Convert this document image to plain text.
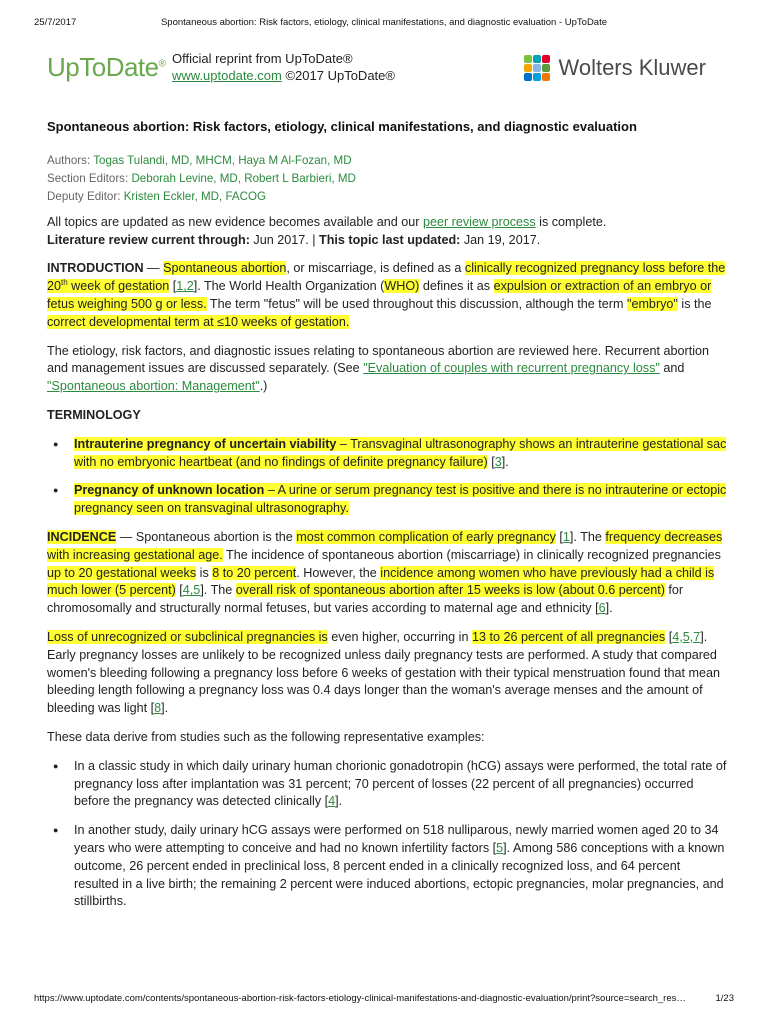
25/7/2017	Spontaneous abortion: Risk factors, etiology, clinical manifestations, and diagnostic evaluation - UpToDate
UpToDate® Official reprint from UpToDate®
www.uptodate.com ©2017 UpToDate®	Wolters Kluwer
Spontaneous abortion: Risk factors, etiology, clinical manifestations, and diagnostic evaluation
Authors: Togas Tulandi, MD, MHCM, Haya M Al-Fozan, MD
Section Editors: Deborah Levine, MD, Robert L Barbieri, MD
Deputy Editor: Kristen Eckler, MD, FACOG
All topics are updated as new evidence becomes available and our peer review process is complete.
Literature review current through: Jun 2017. | This topic last updated: Jan 19, 2017.
INTRODUCTION — Spontaneous abortion, or miscarriage, is defined as a clinically recognized pregnancy loss before the 20th week of gestation [1,2]. The World Health Organization (WHO) defines it as expulsion or extraction of an embryo or fetus weighing 500 g or less. The term "fetus" will be used throughout this discussion, although the term "embryo" is the correct developmental term at ≤10 weeks of gestation.
The etiology, risk factors, and diagnostic issues relating to spontaneous abortion are reviewed here. Recurrent abortion and management issues are discussed separately. (See "Evaluation of couples with recurrent pregnancy loss" and "Spontaneous abortion: Management".)
TERMINOLOGY
● Intrauterine pregnancy of uncertain viability – Transvaginal ultrasonography shows an intrauterine gestational sac with no embryonic heartbeat (and no findings of definite pregnancy failure) [3].
● Pregnancy of unknown location – A urine or serum pregnancy test is positive and there is no intrauterine or ectopic pregnancy seen on transvaginal ultrasonography.
INCIDENCE — Spontaneous abortion is the most common complication of early pregnancy [1]. The frequency decreases with increasing gestational age. The incidence of spontaneous abortion (miscarriage) in clinically recognized pregnancies up to 20 gestational weeks is 8 to 20 percent. However, the incidence among women who have previously had a child is much lower (5 percent) [4,5]. The overall risk of spontaneous abortion after 15 weeks is low (about 0.6 percent) for chromosomally and structurally normal fetuses, but varies according to maternal age and ethnicity [6].
Loss of unrecognized or subclinical pregnancies is even higher, occurring in 13 to 26 percent of all pregnancies [4,5,7]. Early pregnancy losses are unlikely to be recognized unless daily pregnancy tests are performed. A study that compared women's bleeding following a pregnancy loss before 6 weeks of gestation with their typical menstruation found that mean bleeding length following a pregnancy loss was 0.4 days longer than the woman's average menses and the amount of bleeding was light [8].
These data derive from studies such as the following representative examples:
● In a classic study in which daily urinary human chorionic gonadotropin (hCG) assays were performed, the total rate of pregnancy loss after implantation was 31 percent; 70 percent of losses (22 percent of all pregnancies) occurred before the pregnancy was detected clinically [4].
● In another study, daily urinary hCG assays were performed on 518 nulliparous, newly married women aged 20 to 34 years who were attempting to conceive and had no known infertility factors [5]. Among 586 conceptions with a known outcome, 26 percent ended in preclinical loss, 8 percent ended in a clinically recognized loss, and 64 percent resulted in a live birth; the remaining 2 percent were induced abortions, ectopic pregnancies, molar pregnancies, and stillbirths.
https://www.uptodate.com/contents/spontaneous-abortion-risk-factors-etiology-clinical-manifestations-and-diagnostic-evaluation/print?source=search_res…	1/23
